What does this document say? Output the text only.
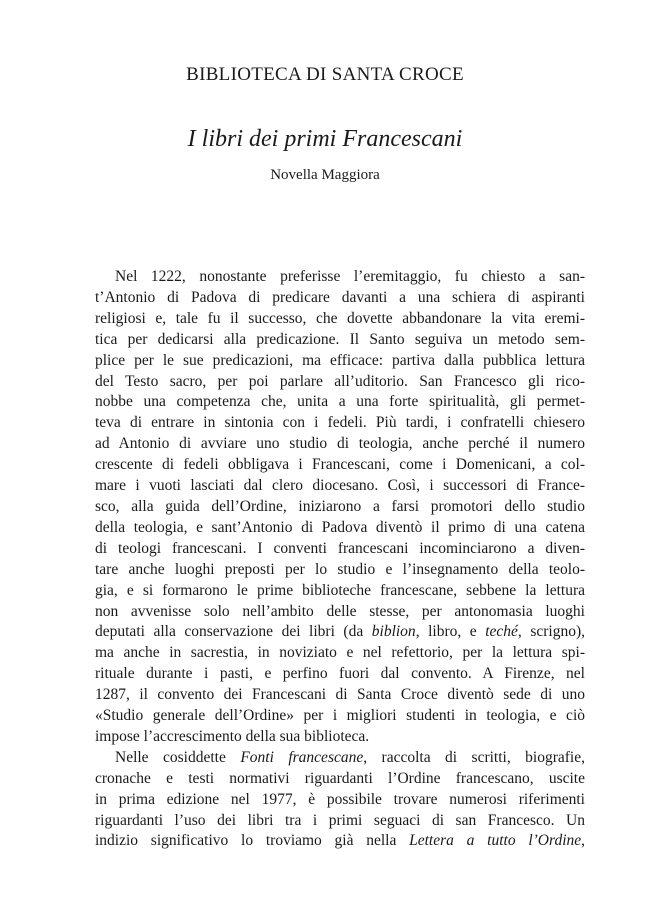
BIBLIOTECA DI SANTA CROCE
I libri dei primi Francescani
Novella Maggiora
Nel 1222, nonostante preferisse l’eremitaggio, fu chiesto a san-
t’Antonio di Padova di predicare davanti a una schiera di aspiranti
religiosi e, tale fu il successo, che dovette abbandonare la vita eremi-
tica per dedicarsi alla predicazione. Il Santo seguiva un metodo sem-
plice per le sue predicazioni, ma efficace: partiva dalla pubblica lettura
del Testo sacro, per poi parlare all’uditorio. San Francesco gli rico-
nobbe una competenza che, unita a una forte spiritualità, gli permet-
teva di entrare in sintonia con i fedeli. Più tardi, i confratelli chiesero
ad Antonio di avviare uno studio di teologia, anche perché il numero
crescente di fedeli obbligava i Francescani, come i Domenicani, a col-
mare i vuoti lasciati dal clero diocesano. Così, i successori di France-
sco, alla guida dell’Ordine, iniziarono a farsi promotori dello studio
della teologia, e sant’Antonio di Padova diventò il primo di una catena
di teologi francescani. I conventi francescani incominciarono a diven-
tare anche luoghi preposti per lo studio e l’insegnamento della teolo-
gia, e si formarono le prime biblioteche francescane, sebbene la lettura
non avvenisse solo nell’ambito delle stesse, per antonomasia luoghi
deputati alla conservazione dei libri (da biblion, libro, e teché, scrigno),
ma anche in sacrestia, in noviziato e nel refettorio, per la lettura spi-
rituale durante i pasti, e perfino fuori dal convento. A Firenze, nel
1287, il convento dei Francescani di Santa Croce diventò sede di uno
«Studio generale dell’Ordine» per i migliori studenti in teologia, e ciò
impose l’accrescimento della sua biblioteca.
Nelle cosiddette Fonti francescane, raccolta di scritti, biografie,
cronache e testi normativi riguardanti l’Ordine francescano, uscite
in prima edizione nel 1977, è possibile trovare numerosi riferimenti
riguardanti l’uso dei libri tra i primi seguaci di san Francesco. Un
indizio significativo lo troviamo già nella Lettera a tutto l’Ordine,
